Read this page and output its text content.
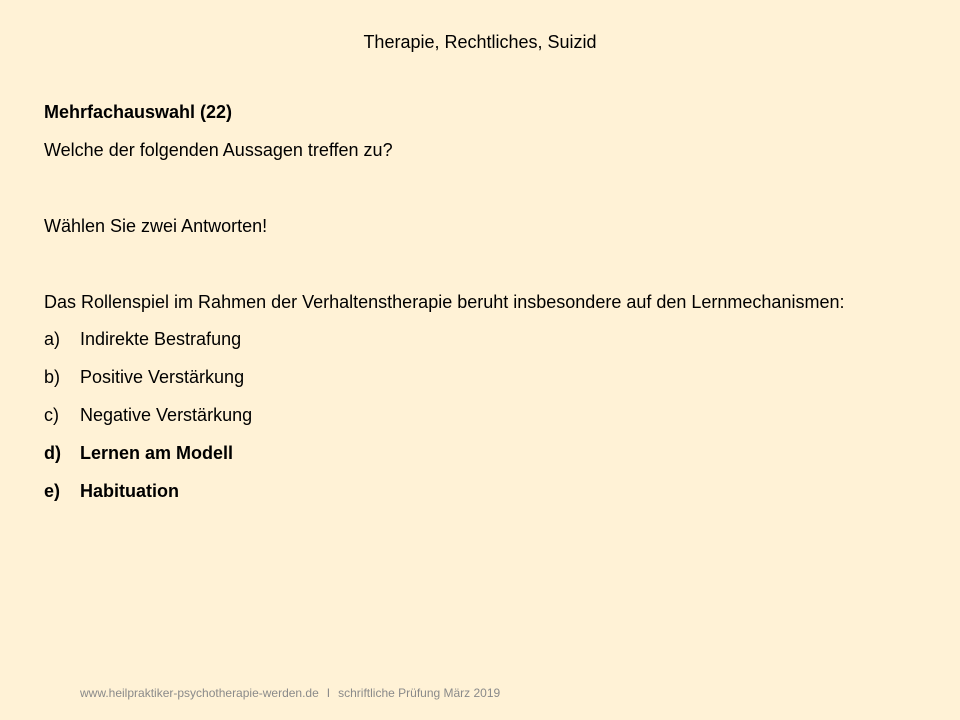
Therapie, Rechtliches, Suizid
Mehrfachauswahl (22)
Welche der folgenden Aussagen treffen zu?
Wählen Sie zwei Antworten!
Das Rollenspiel im Rahmen der Verhaltenstherapie beruht insbesondere auf den Lernmechanismen:
a)	Indirekte Bestrafung
b)	Positive Verstärkung
c)	Negative Verstärkung
d)	Lernen am Modell
e)	Habituation
www.heilpraktiker-psychotherapie-werden.de I schriftliche Prüfung März 2019
